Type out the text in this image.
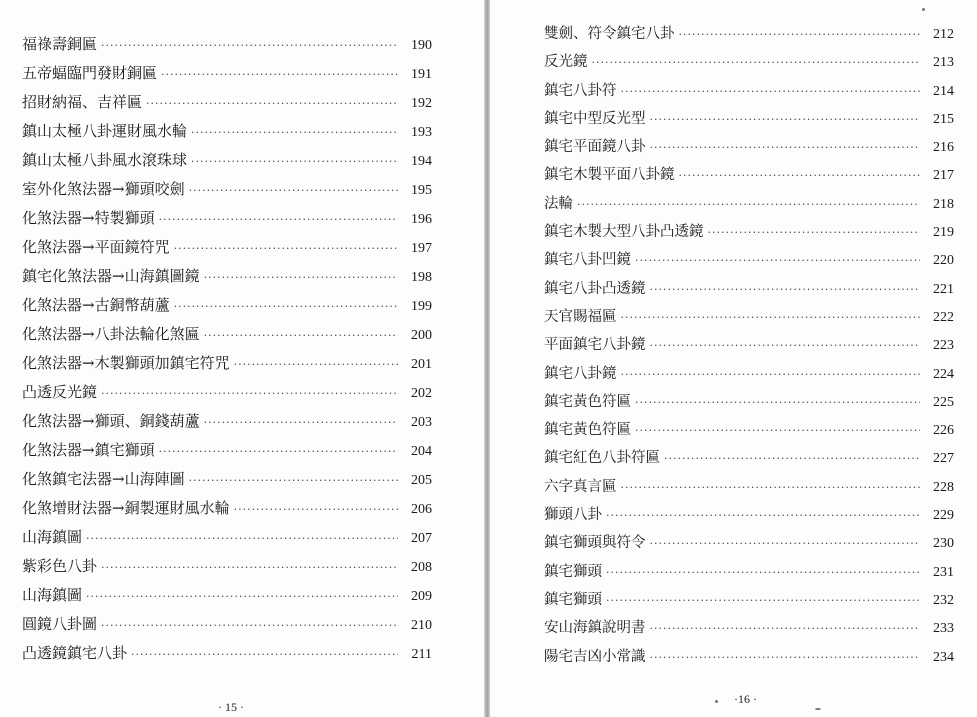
福祿壽銅匾 ·····	190
五帝蝠臨門發財銅匾 ·····	191
招財納福、吉祥匾 ·····	192
鎮山太極八卦運財風水輪 ·····	193
鎮山太極八卦風水滾珠球 ·····	194
室外化煞法器→獅頭咬劍 ·····	195
化煞法器→特製獅頭 ·····	196
化煞法器→平面鏡符咒 ·····	197
鎮宅化煞法器→山海鎮圖鏡 ·····	198
化煞法器→古銅幣葫蘆 ·····	199
化煞法器→八卦法輪化煞匾 ·····	200
化煞法器→木製獅頭加鎮宅符咒 ·····	201
凸透反光鏡 ·····	202
化煞法器→獅頭、銅錢葫蘆 ·····	203
化煞法器→鎮宅獅頭 ·····	204
化煞鎮宅法器→山海陣圖 ·····	205
化煞增財法器→銅製運財風水輪 ·····	206
山海鎮圖 ·····	207
紫彩色八卦 ·····	208
山海鎮圖 ·····	209
圓鏡八卦圖 ·····	210
凸透鏡鎮宅八卦 ·····	211
· 15 ·
雙劍、符令鎮宅八卦 ·····	212
反光鏡 ·····	213
鎮宅八卦符 ·····	214
鎮宅中型反光型 ·····	215
鎮宅平面鏡八卦 ·····	216
鎮宅木製平面八卦鏡 ·····	217
法輪 ·····	218
鎮宅木製大型八卦凸透鏡 ·····	219
鎮宅八卦凹鏡 ·····	220
鎮宅八卦凸透鏡 ·····	221
天官賜福匾 ·····	222
平面鎮宅八卦鏡 ·····	223
鎮宅八卦鏡 ·····	224
鎮宅黃色符匾 ·····	225
鎮宅黃色符匾 ·····	226
鎮宅紅色八卦符匾 ·····	227
六字真言匾 ·····	228
獅頭八卦 ·····	229
鎮宅獅頭與符令 ·····	230
鎮宅獅頭 ·····	231
鎮宅獅頭 ·····	232
安山海鎮說明書 ·····	233
陽宅吉凶小常識 ·····	234
·16 ·
